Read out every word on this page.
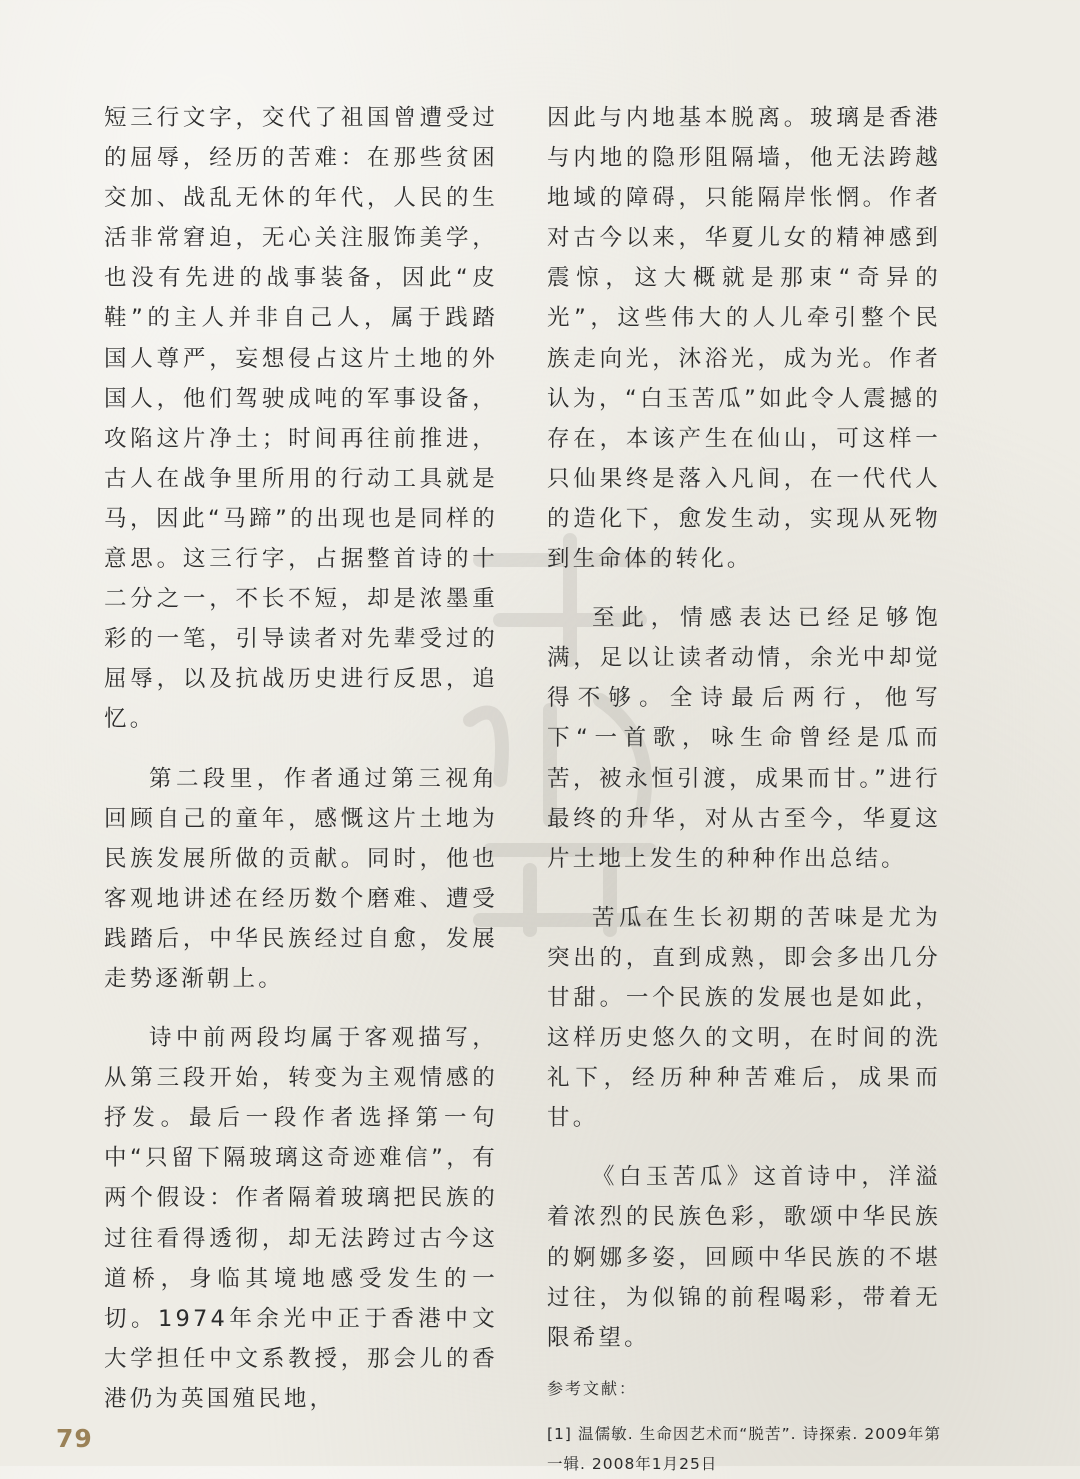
短三行文字，交代了祖国曾遭受过的屈辱，经历的苦难：在那些贫困交加、战乱无休的年代，人民的生活非常窘迫，无心关注服饰美学，也没有先进的战事装备，因此“皮鞋”的主人并非自己人，属于践踏国人尊严，妄想侵占这片土地的外国人，他们驾驶成吨的军事设备，攻陷这片净土；时间再往前推进，古人在战争里所用的行动工具就是马，因此“马蹄”的出现也是同样的意思。这三行字，占据整首诗的十二分之一，不长不短，却是浓墨重彩的一笔，引导读者对先辈受过的屈辱，以及抗战历史进行反思，追忆。

第二段里，作者通过第三视角回顾自己的童年，感慨这片土地为民族发展所做的贡献。同时，他也客观地讲述在经历数个磨难、遭受践踏后，中华民族经过自愈，发展走势逐渐朝上。

诗中前两段均属于客观描写，从第三段开始，转变为主观情感的抒发。最后一段作者选择第一句中“只留下隔玻璃这奇迹难信”，有两个假设：作者隔着玻璃把民族的过往看得透彻，却无法跨过古今这道桥，身临其境地感受发生的一切。1974年余光中正于香港中文大学担任中文系教授，那会儿的香港仍为英国殖民地，

因此与内地基本脱离。玻璃是香港与内地的隐形阻隔墙，他无法跨越地域的障碍，只能隔岸怅惘。作者对古今以来，华夏儿女的精神感到震惊，这大概就是那束“奇异的光”，这些伟大的人儿牵引整个民族走向光，沐浴光，成为光。作者认为，“白玉苦瓜”如此令人震撼的存在，本该产生在仙山，可这样一只仙果终是落入凡间，在一代代人的造化下，愈发生动，实现从死物到生命体的转化。

至此，情感表达已经足够饱满，足以让读者动情，余光中却觉得不够。全诗最后两行，他写下“一首歌，咏生命曾经是瓜而苦，被永恒引渡，成果而甘。”进行最终的升华，对从古至今，华夏这片土地上发生的种种作出总结。

苦瓜在生长初期的苦味是尤为突出的，直到成熟，即会多出几分甘甜。一个民族的发展也是如此，这样历史悠久的文明，在时间的洗礼下，经历种种苦难后，成果而甘。

《白玉苦瓜》这首诗中，洋溢着浓烈的民族色彩，歌颂中华民族的婀娜多姿，回顾中华民族的不堪过往，为似锦的前程喝彩，带着无限希望。

参考文献：
[1] 温儒敏. 生命因艺术而“脱苦”. 诗探索. 2009年第一辑. 2008年1月25日
79
